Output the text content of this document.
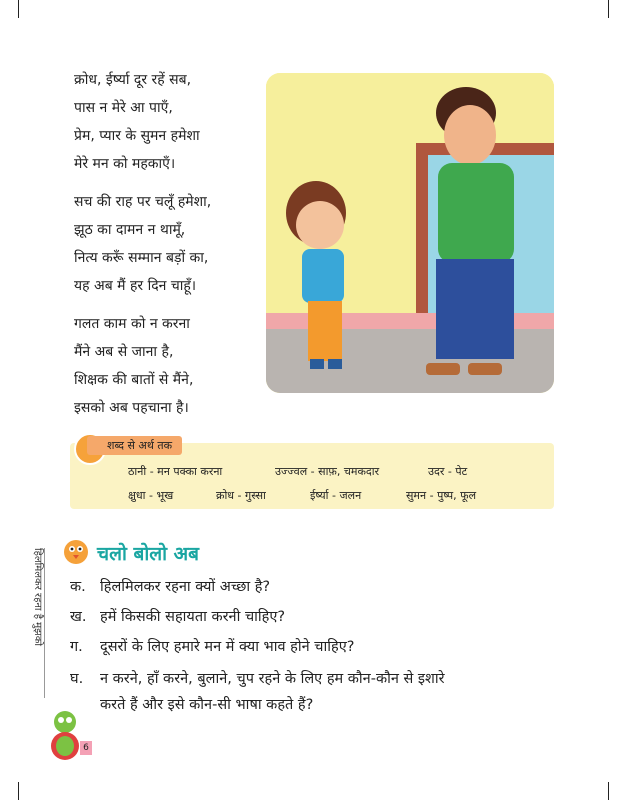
क्रोध, ईर्ष्या दूर रहें सब,
पास न मेरे आ पाएँ,
प्रेम, प्यार के सुमन हमेशा
मेरे मन को महकाएँ।
सच की राह पर चलूँ हमेशा,
झूठ का दामन न थामूँ,
नित्य करूँ सम्मान बड़ों का,
यह अब मैं हर दिन चाहूँ।
गलत काम को न करना
मैंने अब से जाना है,
शिक्षक की बातों से मैंने,
इसको अब पहचाना है।
शब्द से अर्थ तक
ठानी - मन पक्का करना	उज्ज्वल - साफ़, चमकदार	उदर - पेट
क्षुधा - भूख	क्रोध - गुस्सा	ईर्ष्या - जलन	सुमन - पुष्प, फूल
चलो बोलो अब
क. हिलमिलकर रहना क्यों अच्छा है?
ख. हमें किसकी सहायता करनी चाहिए?
ग. दूसरों के लिए हमारे मन में क्या भाव होने चाहिए?
घ. न करने, हाँ करने, बुलाने, चुप रहने के लिए हम कौन-कौन से इशारे
करते हैं और इसे कौन-सी भाषा कहते हैं?
हिलमिलकर रहना है मुझको
6
